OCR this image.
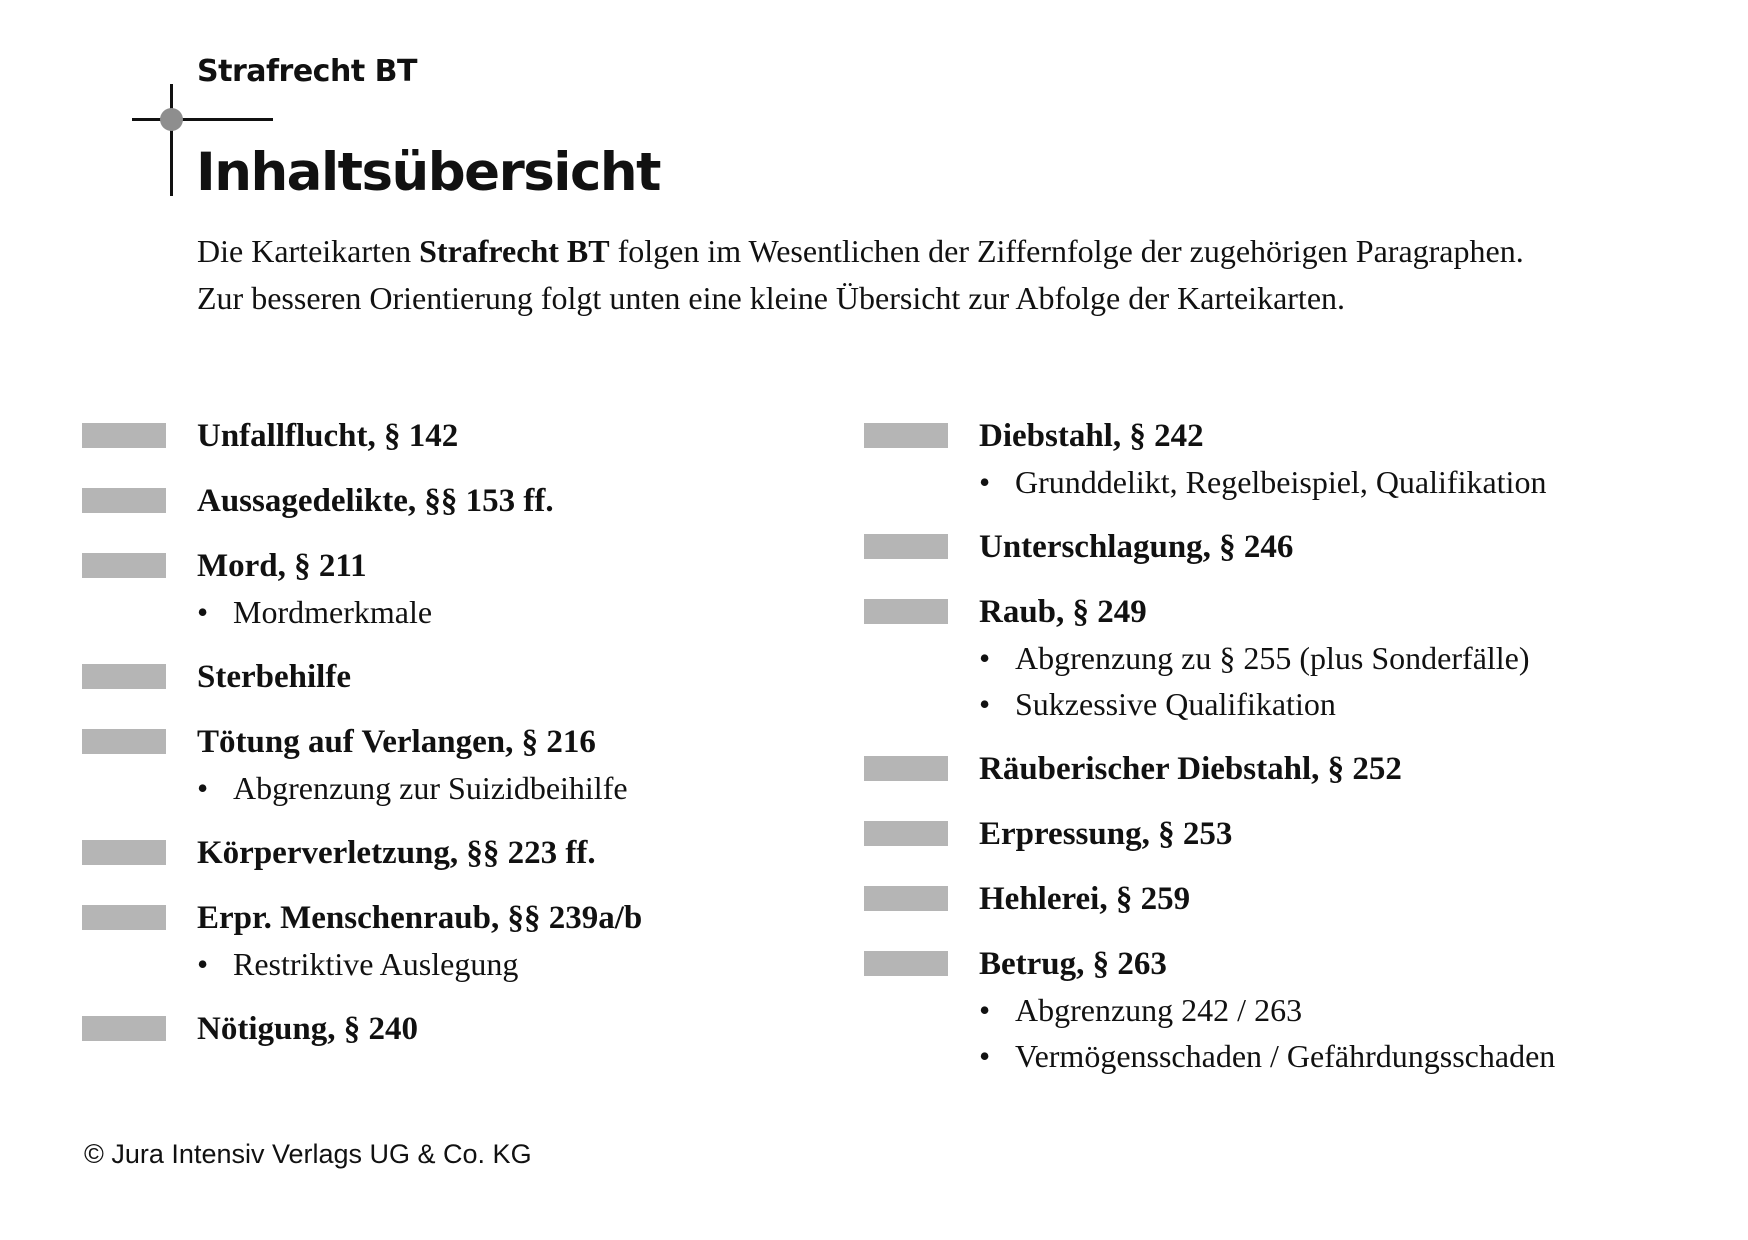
Strafrecht BT
Inhaltsübersicht

Die Karteikarten Strafrecht BT folgen im Wesentlichen der Ziffernfolge der zugehörigen Paragraphen.

Zur besseren Orientierung folgt unten eine kleine Übersicht zur Abfolge der Karteikarten.

Unfallflucht, § 142
Aussagedelikte, §§ 153 ff.
Mord, § 211
• Mordmerkmale
Sterbehilfe
Tötung auf Verlangen, § 216
• Abgrenzung zur Suizidbeihilfe
Körperverletzung, §§ 223 ff.
Erpr. Menschenraub, §§ 239a/b
• Restriktive Auslegung
Nötigung, § 240
Diebstahl, § 242
• Grunddelikt, Regelbeispiel, Qualifikation
Unterschlagung, § 246
Raub, § 249
• Abgrenzung zu § 255 (plus Sonderfälle)
• Sukzessive Qualifikation
Räuberischer Diebstahl, § 252
Erpressung, § 253
Hehlerei, § 259
Betrug, § 263
• Abgrenzung 242 / 263
• Vermögensschaden / Gefährdungsschaden
© Jura Intensiv Verlags UG & Co. KG
